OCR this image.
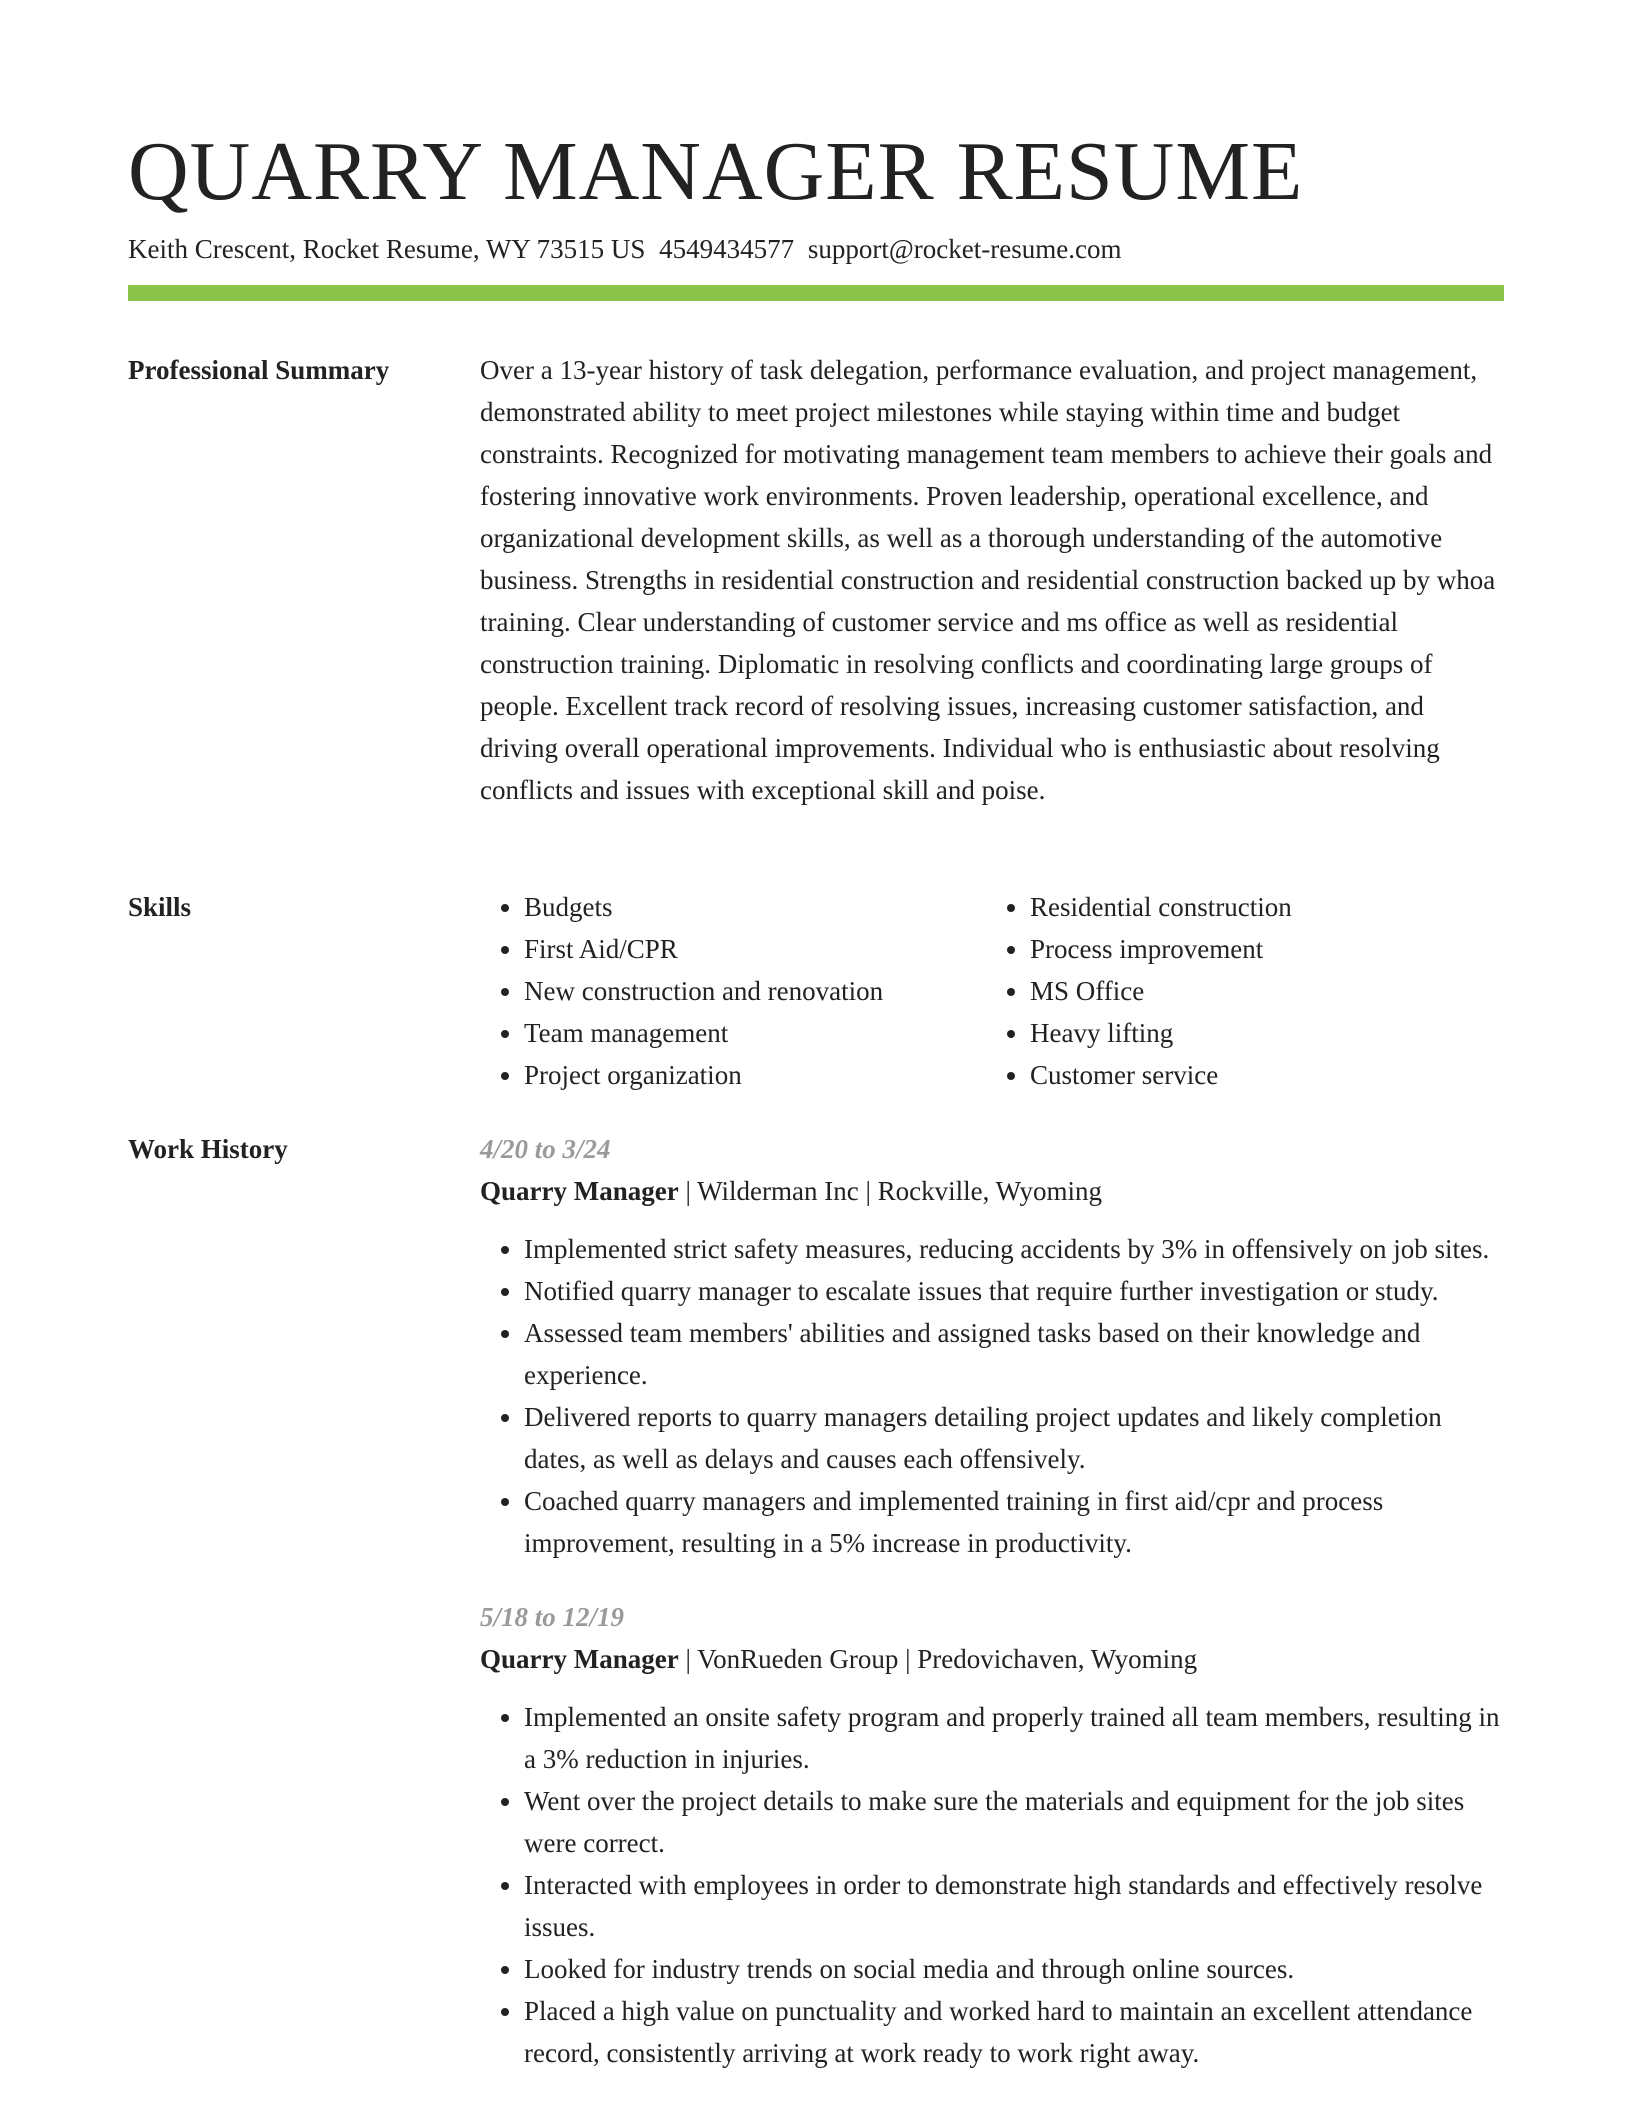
QUARRY MANAGER RESUME
Keith Crescent, Rocket Resume, WY 73515 US 4549434577 support@rocket-resume.com
Professional Summary	Over a 13-year history of task delegation, performance evaluation, and project management, demonstrated ability to meet project milestones while staying within time and budget constraints. Recognized for motivating management team members to achieve their goals and fostering innovative work environments. Proven leadership, operational excellence, and organizational development skills, as well as a thorough understanding of the automotive business. Strengths in residential construction and residential construction backed up by whoa training. Clear understanding of customer service and ms office as well as residential construction training. Diplomatic in resolving conflicts and coordinating large groups of people. Excellent track record of resolving issues, increasing customer satisfaction, and driving overall operational improvements. Individual who is enthusiastic about resolving conflicts and issues with exceptional skill and poise.

Skills
•	Budgets
• First Aid/CPR
• New construction and renovation
• Team management
• Project organization
• Residential construction
• Process improvement
• MS Office
• Heavy lifting
• Customer service
Work History	4/20 to 3/24
Quarry Manager | Wilderman Inc | Rockville, Wyoming
• Implemented strict safety measures, reducing accidents by 3% in offensively on job sites.
• Notified quarry manager to escalate issues that require further investigation or study.
• Assessed team members' abilities and assigned tasks based on their knowledge and experience.
• Delivered reports to quarry managers detailing project updates and likely completion dates, as well as delays and causes each offensively.
• Coached quarry managers and implemented training in first aid/cpr and process improvement, resulting in a 5% increase in productivity.
5/18 to 12/19
Quarry Manager | VonRueden Group | Predovichaven, Wyoming
• Implemented an onsite safety program and properly trained all team members, resulting in a 3% reduction in injuries.
• Went over the project details to make sure the materials and equipment for the job sites were correct.
• Interacted with employees in order to demonstrate high standards and effectively resolve issues.
• Looked for industry trends on social media and through online sources.
• Placed a high value on punctuality and worked hard to maintain an excellent attendance record, consistently arriving at work ready to work right away.
